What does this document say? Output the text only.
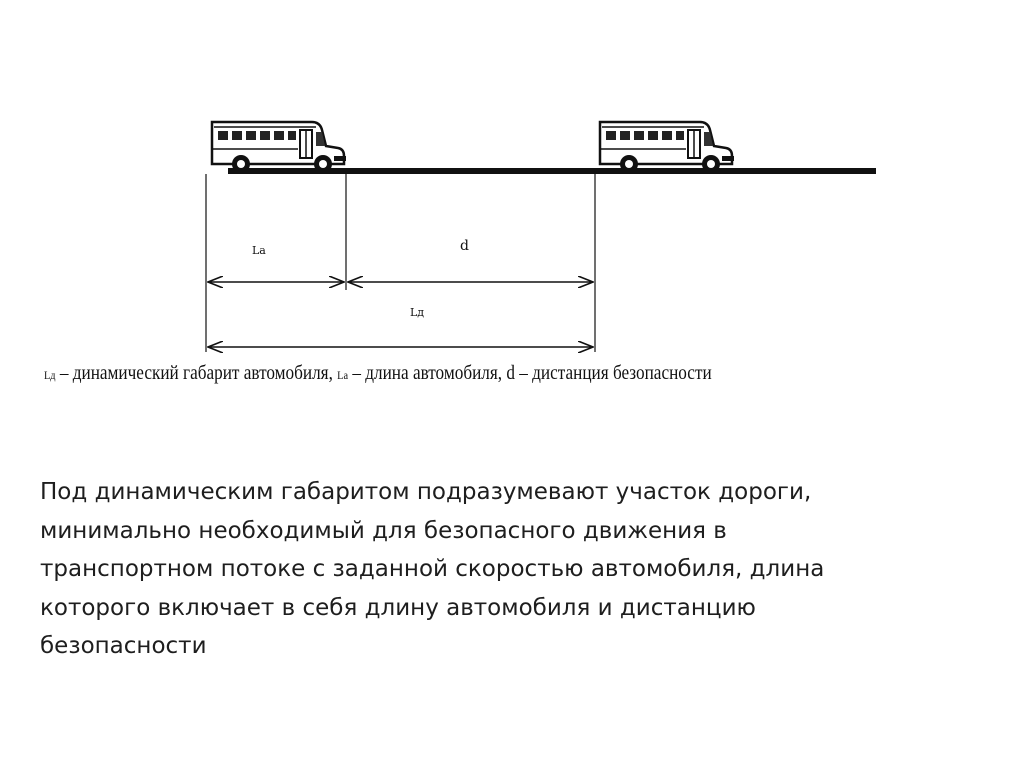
La	d
Lд
Lд – динамический габарит автомобиля, La – длина автомобиля, d – дистанция безопасности

Под динамическим габаритом подразумевают участок дороги,
минимально необходимый для безопасного движения в
транспортном потоке с заданной скоростью автомобиля, длина
которого включает в себя длину автомобиля и дистанцию
безопасности
